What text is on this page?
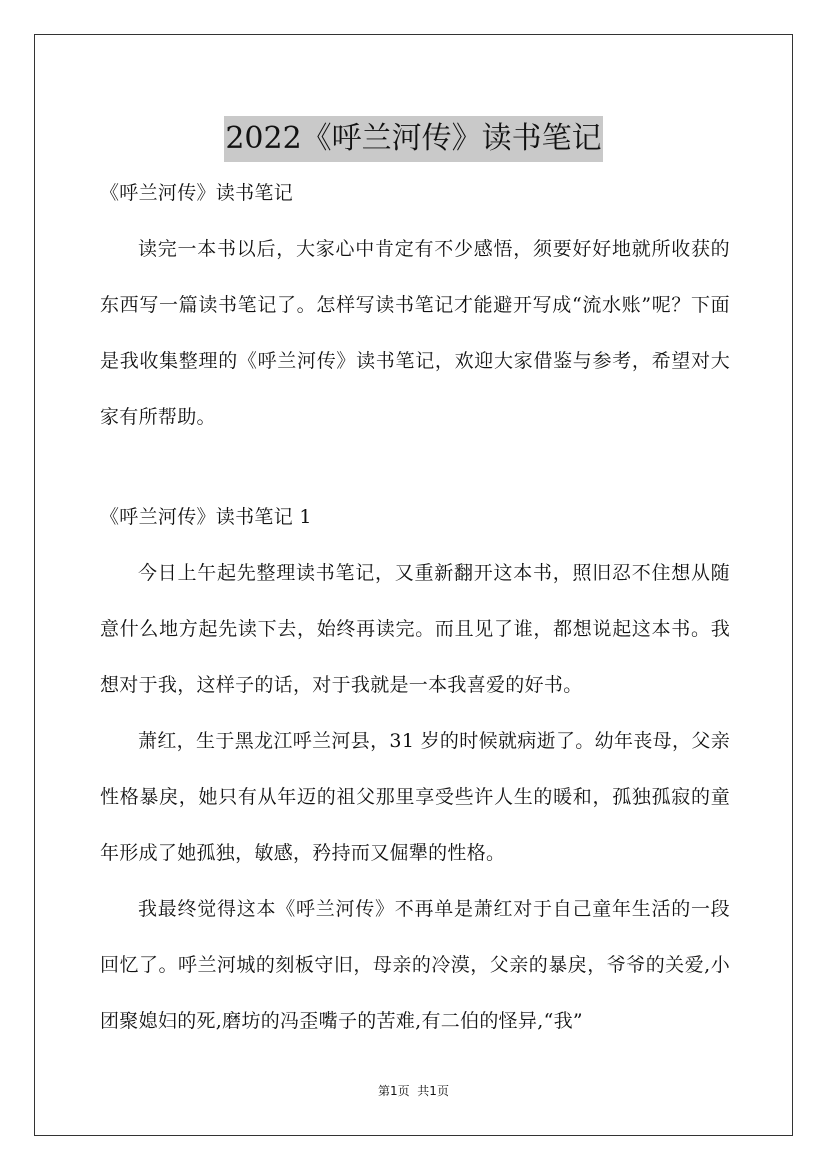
2022《呼兰河传》读书笔记
《呼兰河传》读书笔记

读完一本书以后，大家心中肯定有不少感悟，须要好好地就所收获的东西写一篇读书笔记了。怎样写读书笔记才能避开写成“流水账”呢？下面是我收集整理的《呼兰河传》读书笔记，欢迎大家借鉴与参考，希望对大家有所帮助。

《呼兰河传》读书笔记 1

今日上午起先整理读书笔记，又重新翻开这本书，照旧忍不住想从随意什么地方起先读下去，始终再读完。而且见了谁，都想说起这本书。我想对于我，这样子的话，对于我就是一本我喜爱的好书。

萧红，生于黑龙江呼兰河县，31 岁的时候就病逝了。幼年丧母，父亲性格暴戾，她只有从年迈的祖父那里享受些许人生的暖和，孤独孤寂的童年形成了她孤独，敏感，矜持而又倔犟的性格。

我最终觉得这本《呼兰河传》不再单是萧红对于自己童年生活的一段回忆了。呼兰河城的刻板守旧，母亲的冷漠，父亲的暴戾，爷爷的关爱,小团聚媳妇的死,磨坊的冯歪嘴子的苦难,有二伯的怪异,“我”

第1页  共1页
